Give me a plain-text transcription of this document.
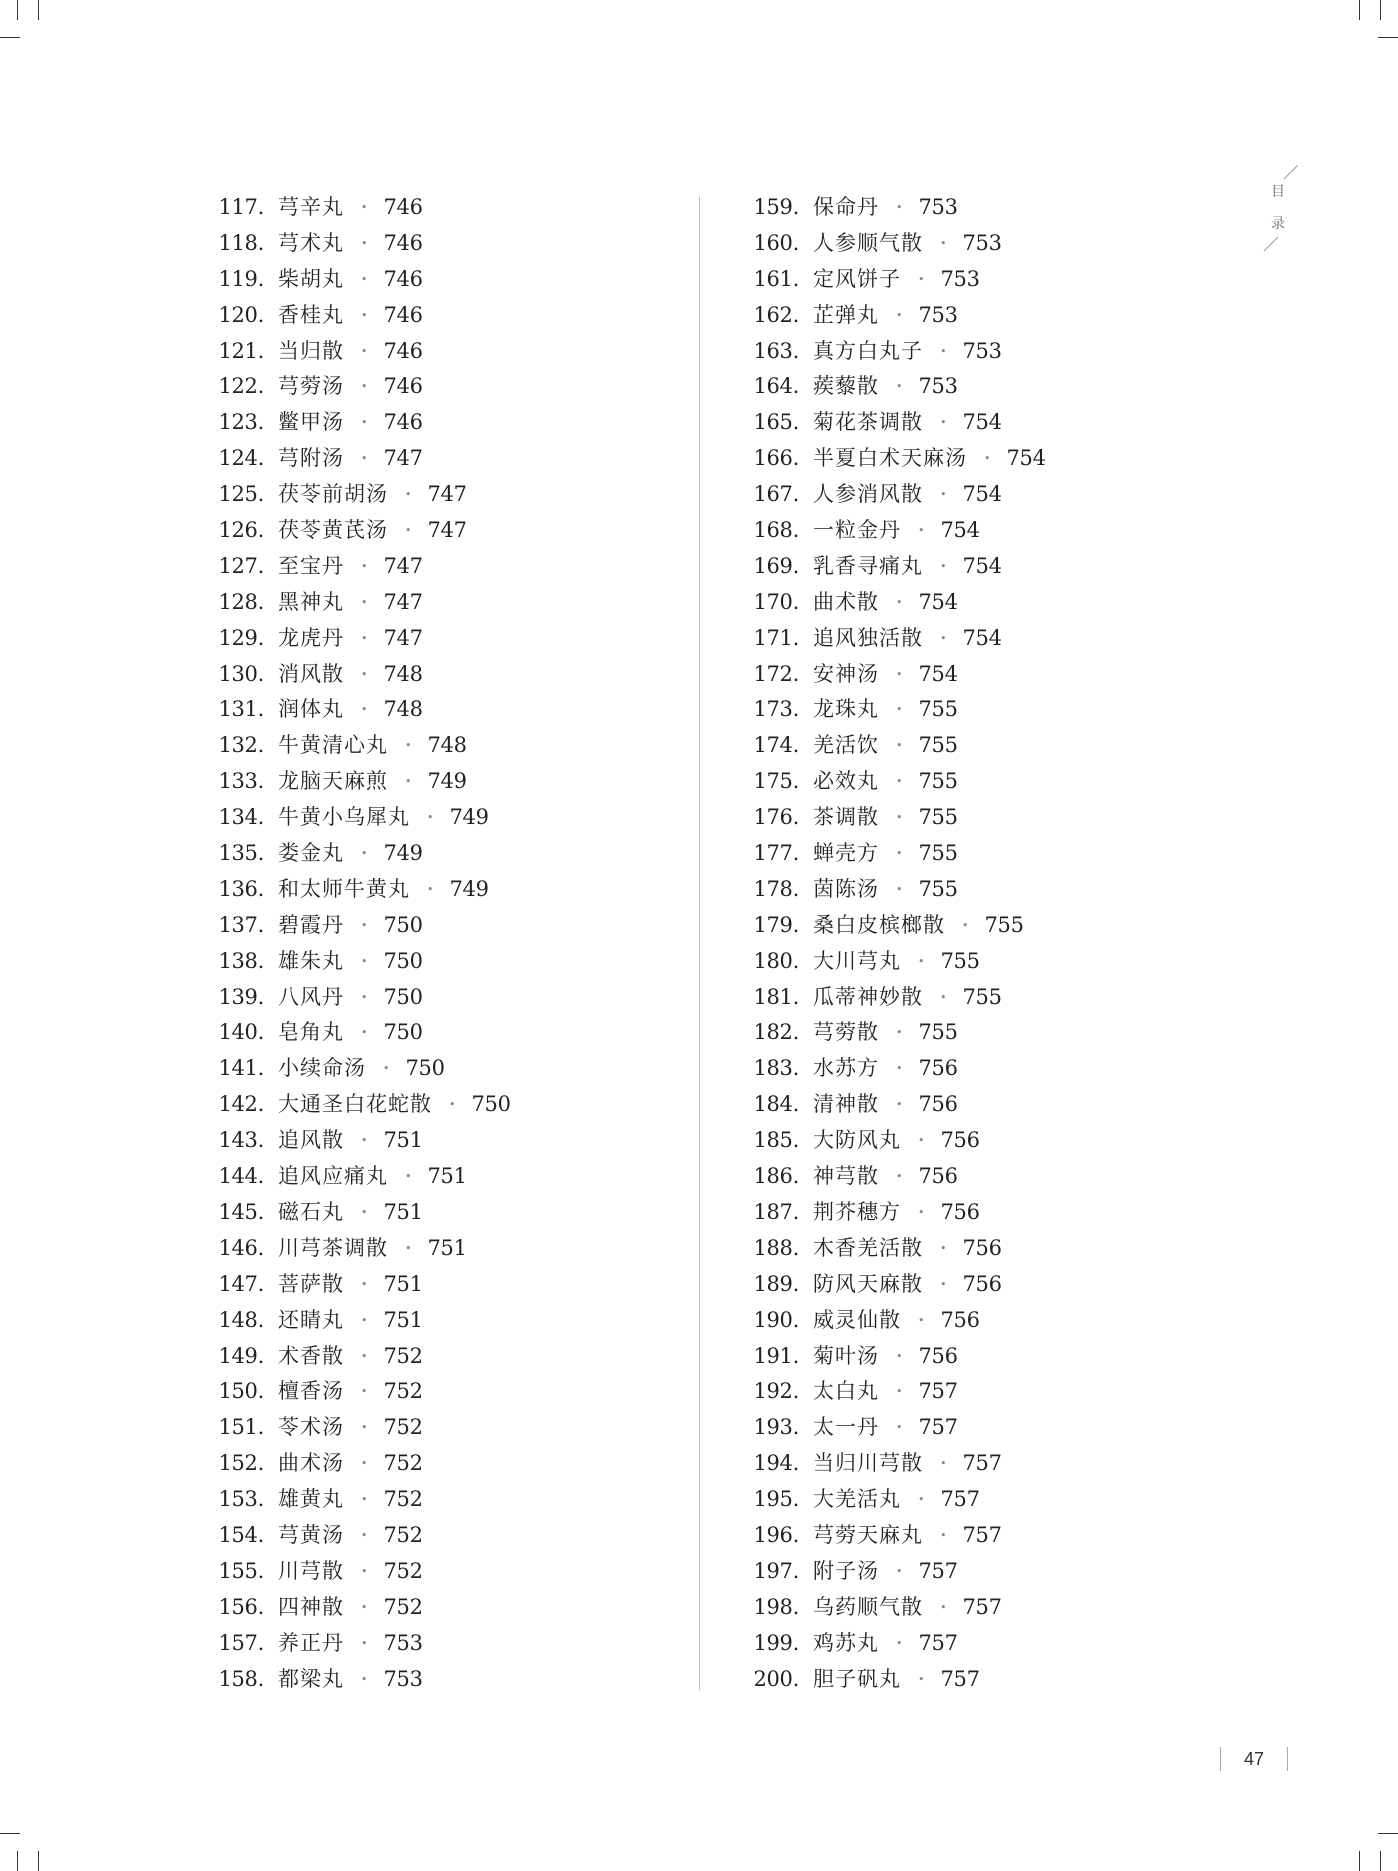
117. 芎辛丸 • 746
118. 芎术丸 • 746
119. 柴胡丸 • 746
120. 香桂丸 • 746
121. 当归散 • 746
122. 芎䓖汤 • 746
123. 鳖甲汤 • 746
124. 芎附汤 • 747
125. 茯苓前胡汤 • 747
126. 茯苓黄芪汤 • 747
127. 至宝丹 • 747
128. 黑神丸 • 747
129. 龙虎丹 • 747
130. 消风散 • 748
131. 润体丸 • 748
132. 牛黄清心丸 • 748
133. 龙脑天麻煎 • 749
134. 牛黄小乌犀丸 • 749
135. 娄金丸 • 749
136. 和太师牛黄丸 • 749
137. 碧霞丹 • 750
138. 雄朱丸 • 750
139. 八风丹 • 750
140. 皂角丸 • 750
141. 小续命汤 • 750
142. 大通圣白花蛇散 • 750
143. 追风散 • 751
144. 追风应痛丸 • 751
145. 磁石丸 • 751
146. 川芎茶调散 • 751
147. 菩萨散 • 751
148. 还睛丸 • 751
149. 术香散 • 752
150. 檀香汤 • 752
151. 苓术汤 • 752
152. 曲术汤 • 752
153. 雄黄丸 • 752
154. 芎黄汤 • 752
155. 川芎散 • 752
156. 四神散 • 752
157. 养正丹 • 753
158. 都梁丸 • 753
159. 保命丹 • 753
160. 人参顺气散 • 753
161. 定风饼子 • 753
162. 芷弹丸 • 753
163. 真方白丸子 • 753
164. 蒺藜散 • 753
165. 菊花茶调散 • 754
166. 半夏白术天麻汤 • 754
167. 人参消风散 • 754
168. 一粒金丹 • 754
169. 乳香寻痛丸 • 754
170. 曲术散 • 754
171. 追风独活散 • 754
172. 安神汤 • 754
173. 龙珠丸 • 755
174. 羌活饮 • 755
175. 必效丸 • 755
176. 茶调散 • 755
177. 蝉壳方 • 755
178. 茵陈汤 • 755
179. 桑白皮槟榔散 • 755
180. 大川芎丸 • 755
181. 瓜蒂神妙散 • 755
182. 芎䓖散 • 755
183. 水苏方 • 756
184. 清神散 • 756
185. 大防风丸 • 756
186. 神芎散 • 756
187. 荆芥穗方 • 756
188. 木香羌活散 • 756
189. 防风天麻散 • 756
190. 威灵仙散 • 756
191. 菊叶汤 • 756
192. 太白丸 • 757
193. 太一丹 • 757
194. 当归川芎散 • 757
195. 大羌活丸 • 757
196. 芎䓖天麻丸 • 757
197. 附子汤 • 757
198. 乌药顺气散 • 757
199. 鸡苏丸 • 757
200. 胆子矾丸 • 757
目
录
47
